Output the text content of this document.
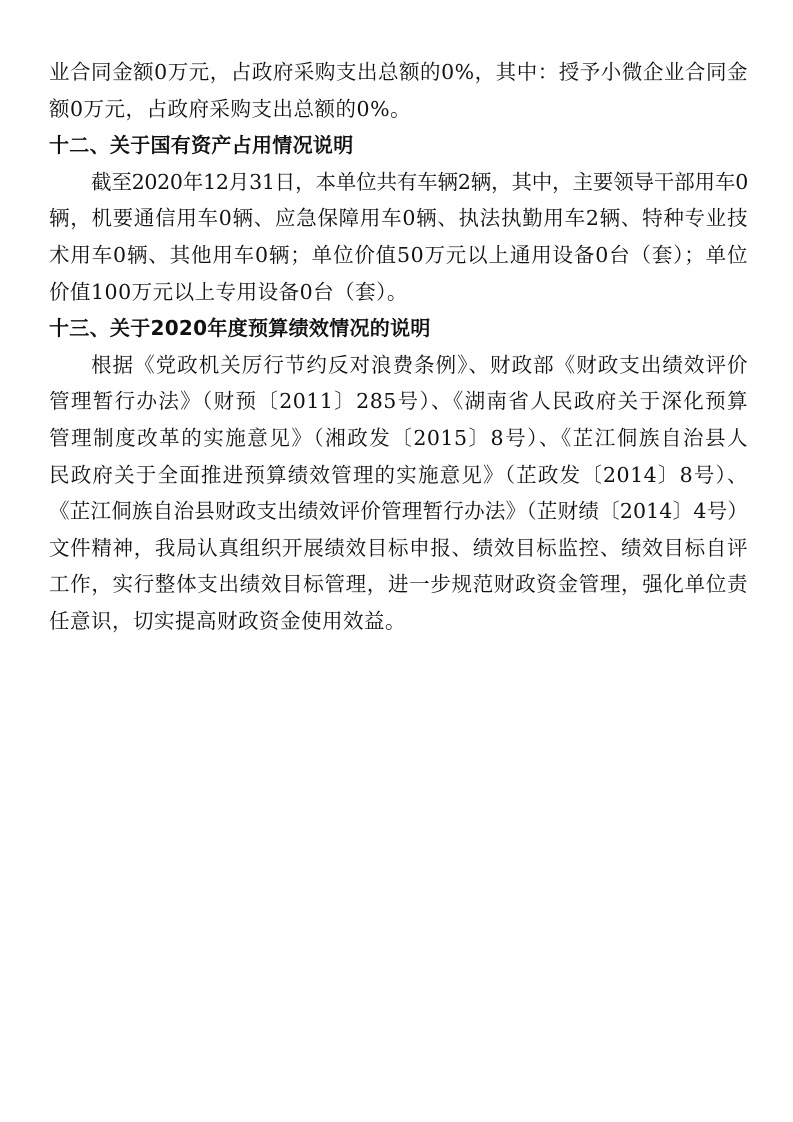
业合同金额0万元，占政府采购支出总额的0%，其中：授予小微企业合同金
额0万元，占政府采购支出总额的0%。
十二、关于国有资产占用情况说明
截至2020年12月31日，本单位共有车辆2辆，其中，主要领导干部用车0
辆，机要通信用车0辆、应急保障用车0辆、执法执勤用车2辆、特种专业技
术用车0辆、其他用车0辆；单位价值50万元以上通用设备0台（套）；单位
价值100万元以上专用设备0台（套）。
十三、关于2020年度预算绩效情况的说明
根据《党政机关厉行节约反对浪费条例》、财政部《财政支出绩效评价
管理暂行办法》（财预〔2011〕285号）、《湖南省人民政府关于深化预算
管理制度改革的实施意见》（湘政发〔2015〕8号）、《芷江侗族自治县人
民政府关于全面推进预算绩效管理的实施意见》（芷政发〔2014〕8号）、
《芷江侗族自治县财政支出绩效评价管理暂行办法》（芷财绩〔2014〕4号）
文件精神，我局认真组织开展绩效目标申报、绩效目标监控、绩效目标自评
工作，实行整体支出绩效目标管理，进一步规范财政资金管理，强化单位责
任意识，切实提高财政资金使用效益。
